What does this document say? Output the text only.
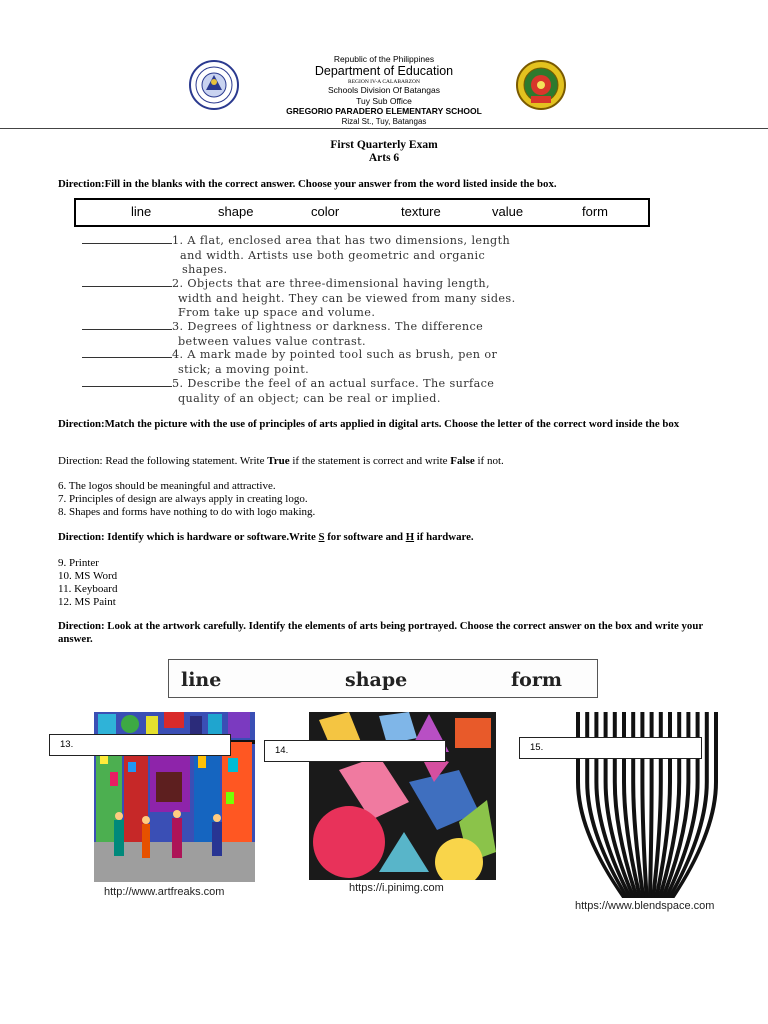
Republic of the Philippines
Department of Education
REGION IV-A CALABARZON
Schools Division Of Batangas
Tuy Sub Office
GREGORIO PARADERO ELEMENTARY SCHOOL
Rizal St., Tuy, Batangas
First Quarterly Exam
Arts 6
Direction:Fill in the blanks with the correct answer. Choose your answer from the word listed inside the box.
line	shape	color	texture	value	form
1. A flat, enclosed area that has two dimensions, length
and width. Artists use both geometric and organic
shapes.
2. Objects that are three-dimensional having length,
width and height. They can be viewed from many sides.
From take up space and volume.
3. Degrees of lightness or darkness. The difference
between values value contrast.
4. A mark made by pointed tool such as brush, pen or
stick; a moving point.
5. Describe the feel of an actual surface. The surface
quality of an object; can be real or implied.
Direction:Match the picture with the use of principles of arts applied in digital arts. Choose the letter of the correct word inside the box
Direction: Read the following statement. Write True if the statement is correct and write False if not.
6. The logos should be meaningful and attractive.
7. Principles of design are always apply in creating logo.
8. Shapes and forms have nothing to do with logo making.
Direction: Identify which is hardware or software.Write S for software and H if hardware.
9. Printer
10. MS Word
11. Keyboard
12. MS Paint
Direction: Look at the artwork carefully. Identify the elements of arts being portrayed. Choose the correct answer on the box and write your answer.
line	shape	form
http://www.artfreaks.com	https://i.pinimg.com
https://www.blendspace.com
13.
14.	15.
